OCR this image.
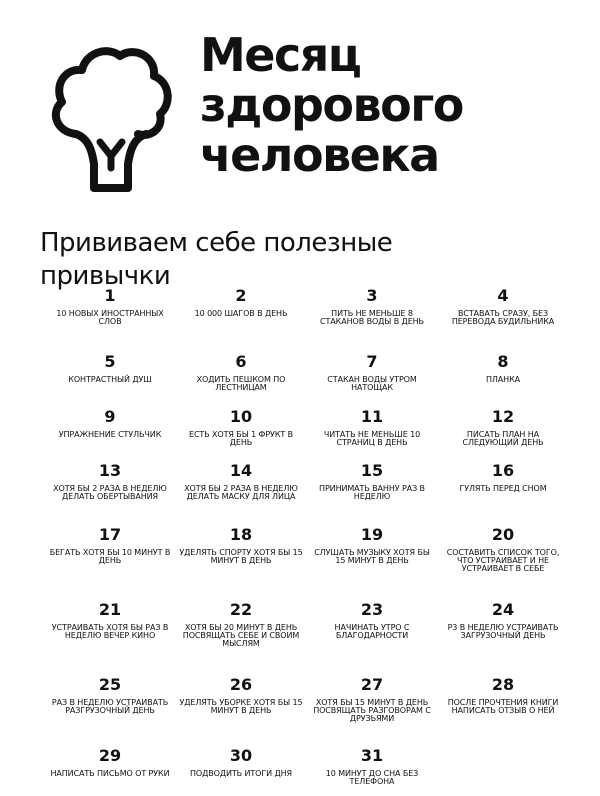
Месяц
здорового
человека
Прививаем себе полезные привычки
1
10 НОВЫХ ИНОСТРАННЫХ СЛОВ
2
10 000 ШАГОВ В ДЕНЬ
3
ПИТЬ НЕ МЕНЬШЕ 8 СТАКАНОВ ВОДЫ В ДЕНЬ
4
ВСТАВАТЬ СРАЗУ, БЕЗ ПЕРЕВОДА БУДИЛЬНИКА
5
КОНТРАСТНЫЙ ДУШ
6
ХОДИТЬ ПЕШКОМ ПО ЛЕСТНИЦАМ
7
СТАКАН ВОДЫ УТРОМ НАТОЩАК
8
ПЛАНКА
9
УПРАЖНЕНИЕ СТУЛЬЧИК
10
ЕСТЬ ХОТЯ БЫ 1 ФРУКТ В ДЕНЬ
11
ЧИТАТЬ НЕ МЕНЬШЕ 10 СТРАНИЦ В ДЕНЬ
12
ПИСАТЬ ПЛАН НА СЛЕДУЮЩИЙ ДЕНЬ
13
ХОТЯ БЫ 2 РАЗА В НЕДЕЛЮ ДЕЛАТЬ ОБЕРТЫВАНИЯ
14
ХОТЯ БЫ 2 РАЗА В НЕДЕЛЮ ДЕЛАТЬ МАСКУ ДЛЯ ЛИЦА
15
ПРИНИМАТЬ ВАННУ РАЗ В НЕДЕЛЮ
16
ГУЛЯТЬ ПЕРЕД СНОМ
17
БЕГАТЬ ХОТЯ БЫ 10 МИНУТ В ДЕНЬ
18
УДЕЛЯТЬ СПОРТУ ХОТЯ БЫ 15 МИНУТ В ДЕНЬ
19
СЛУШАТЬ МУЗЫКУ ХОТЯ БЫ 15 МИНУТ В ДЕНЬ
20
СОСТАВИТЬ СПИСОК ТОГО, ЧТО УСТРАИВАЕТ И НЕ УСТРАИВАЕТ В СЕБЕ
21
УСТРАИВАТЬ ХОТЯ БЫ РАЗ В НЕДЕЛЮ ВЕЧЕР КИНО
22
ХОТЯ БЫ 20 МИНУТ В ДЕНЬ ПОСВЯЩАТЬ СЕБЕ И СВОИМ МЫСЛЯМ
23
НАЧИНАТЬ УТРО С БЛАГОДАРНОСТИ
24
Р3 В НЕДЕЛЮ УСТРАИВАТЬ ЗАГРУЗОЧНЫЙ ДЕНЬ
25
РАЗ В НЕДЕЛЮ УСТРАИВАТЬ РАЗГРУЗОЧНЫЙ ДЕНЬ
26
УДЕЛЯТЬ УБОРКЕ ХОТЯ БЫ 15 МИНУТ В ДЕНЬ
27
ХОТЯ БЫ 15 МИНУТ В ДЕНЬ ПОСВЯЩАТЬ РАЗГОВОРАМ С ДРУЗЬЯМИ
28
ПОСЛЕ ПРОЧТЕНИЯ КНИГИ НАПИСАТЬ ОТЗЫВ О НЕЙ
29
НАПИСАТЬ ПИСЬМО ОТ РУКИ
30
ПОДВОДИТЬ ИТОГИ ДНЯ
31
10 МИНУТ ДО СНА БЕЗ ТЕЛЕФОНА
